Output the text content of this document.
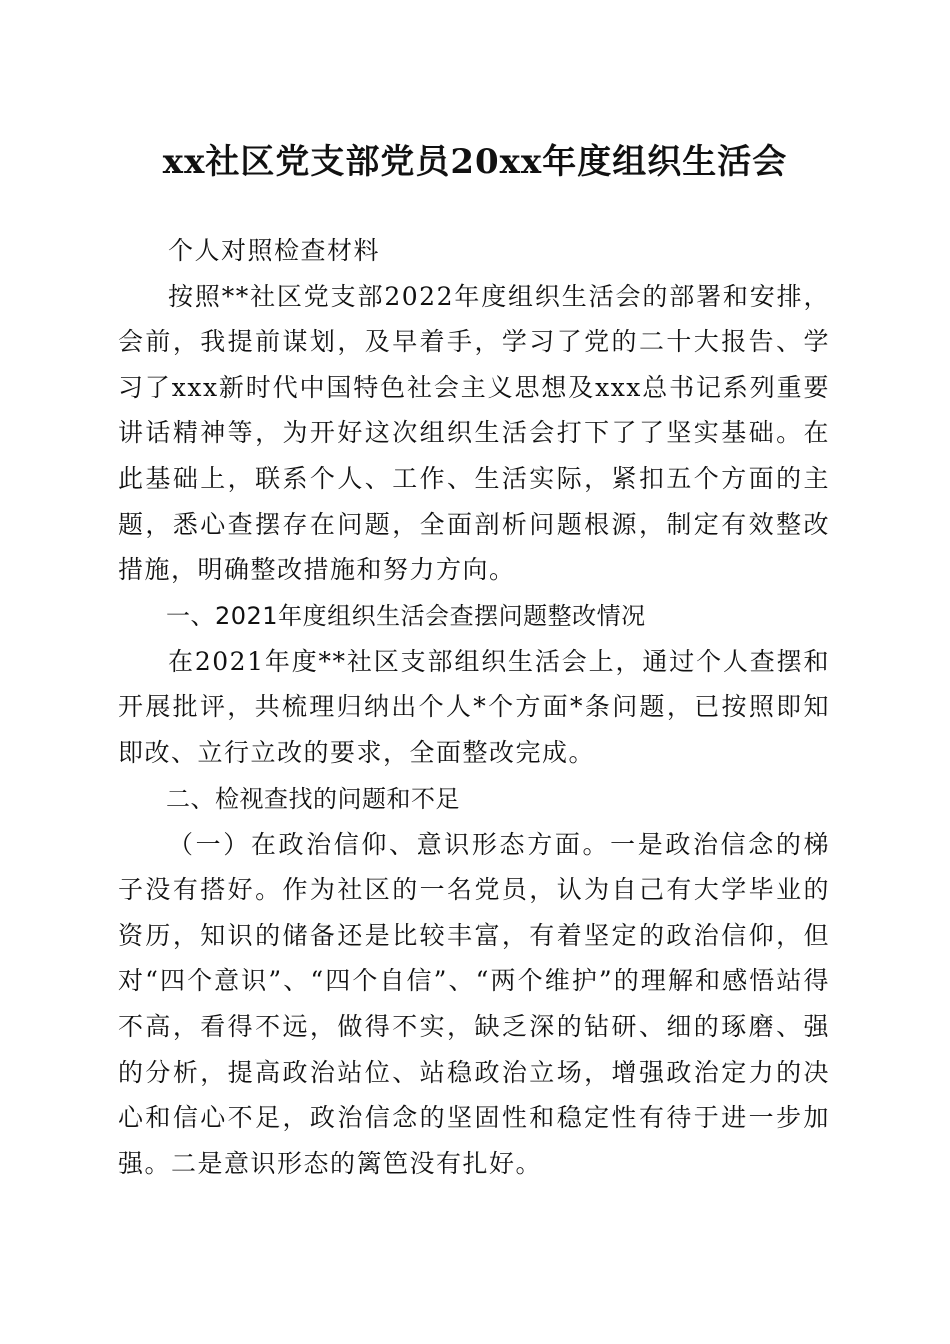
xx社区党支部党员20xx年度组织生活会

个人对照检查材料

按照**社区党支部2022年度组织生活会的部署和安排，会前，我提前谋划，及早着手，学习了党的二十大报告、学习了xxx新时代中国特色社会主义思想及xxx总书记系列重要讲话精神等，为开好这次组织生活会打下了了坚实基础。在此基础上，联系个人、工作、生活实际，紧扣五个方面的主题，悉心查摆存在问题，全面剖析问题根源，制定有效整改措施，明确整改措施和努力方向。

一、2021年度组织生活会查摆问题整改情况

在2021年度**社区支部组织生活会上，通过个人查摆和开展批评，共梳理归纳出个人*个方面*条问题，已按照即知即改、立行立改的要求，全面整改完成。

二、检视查找的问题和不足

（一）在政治信仰、意识形态方面。一是政治信念的梯子没有搭好。作为社区的一名党员，认为自己有大学毕业的资历，知识的储备还是比较丰富，有着坚定的政治信仰，但对“四个意识”、“四个自信”、“两个维护”的理解和感悟站得不高，看得不远，做得不实，缺乏深的钻研、细的琢磨、强的分析，提高政治站位、站稳政治立场，增强政治定力的决心和信心不足，政治信念的坚固性和稳定性有待于进一步加强。二是意识形态的篱笆没有扎好。
